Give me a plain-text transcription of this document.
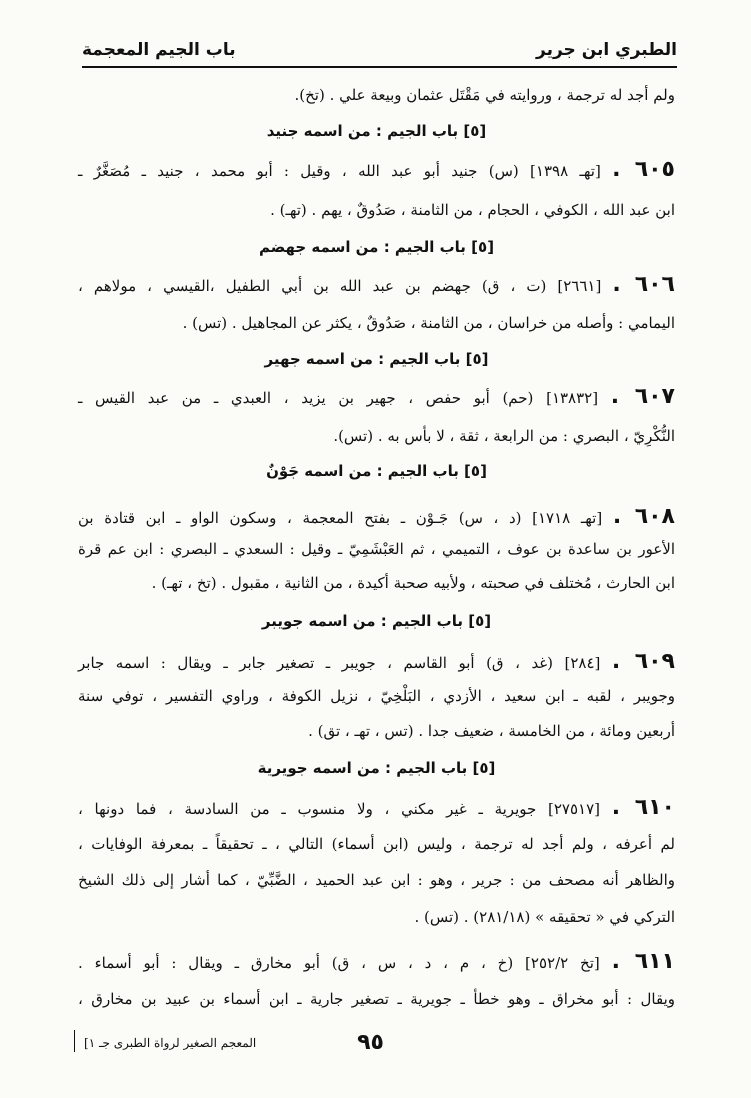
الطبري ابن جرير
باب الجيم المعجمة

ولم أجد له ترجمة ، وروايته في مَقْتَل عثمان وبيعة علي . (تخ).

[٥] باب الجيم : من اسمه جنيد

٦٠٥ . [تهـ ١٣٩٨] (س) جنيد أبو عبد الله ، وقيل : أبو محمد ، جنيد ـ مُصَغَّرٌ ـ

ابن عبد الله ، الكوفي ، الحجام ، من الثامنة ، صَدُوقٌ ، يهم . (تهـ) .

[٥] باب الجيم : من اسمه جهضم

٦٠٦ . [٢٦٦١] (ت ، ق) جهضم بن عبد الله بن أبي الطفيل ،القيسي ، مولاهم ،

اليمامي : وأصله من خراسان ، من الثامنة ، صَدُوقٌ ، يكثر عن المجاهيل . (تس) .

[٥] باب الجيم : من اسمه جهير

٦٠٧ . [١٣٨٣٢] (حم) أبو حفص ، جهير بن يزيد ، العبدي ـ من عبد القيس ـ

النُّكْرِيّ ، البصري : من الرابعة ، ثقة ، لا بأس به . (تس).

[٥] باب الجيم : من اسمه جَوْنٌ

٦٠٨ . [تهـ ١٧١٨] (د ، س) جَـوْن ـ بفتح المعجمة ، وسكون الواو ـ ابن قتادة بن

الأعور بن ساعدة بن عوف ، التميمي ، ثم العَبْشَمِيّ ـ وقيل : السعدي ـ البصري : ابن عم قرة

ابن الحارث ، مُختلف في صحبته ، ولأبيه صحبة أكيدة ، من الثانية ، مقبول . (تخ ، تهـ) .

[٥] باب الجيم : من اسمه جويبر

٦٠٩ . [٢٨٤] (غد ، ق) أبو القاسم ، جويبر ـ تصغير جابر ـ ويقال : اسمه جابر

وجويبر ، لقبه ـ ابن سعيد ، الأزدي ، البَلْخِيّ ، نزيل الكوفة ، وراوي التفسير ، توفي سنة

أربعين ومائة ، من الخامسة ، ضعيف جدا . (تس ، تهـ ، تق) .

[٥] باب الجيم : من اسمه جويرية

٦١٠ . [٢٧٥١٧] جويرية ـ غير مكني ، ولا منسوب ـ من السادسة ، فما دونها ،

لم أعرفه ، ولم أجد له ترجمة ، وليس (ابن أسماء) التالي ، ـ تحقيقاً ـ بمعرفة الوفايات ،

والظاهر أنه مصحف من : جرير ، وهو : ابن عبد الحميد ، الضَّبِّيّ ، كما أشار إلى ذلك الشيخ

التركي في « تحقيقه » (٢٨١/١٨) . (تس) .

٦١١ . [تخ ٢٥٢/٢] (خ ، م ، د ، س ، ق) أبو مخارق ـ ويقال : أبو أسماء .

ويقال : أبو مخراق ـ وهو خطأ ـ جويرية ـ تصغير جارية ـ ابن أسماء بن عبيد بن مخارق ،

٩٥
المعجم الصغير لرواة الطبرى جـ ١]
